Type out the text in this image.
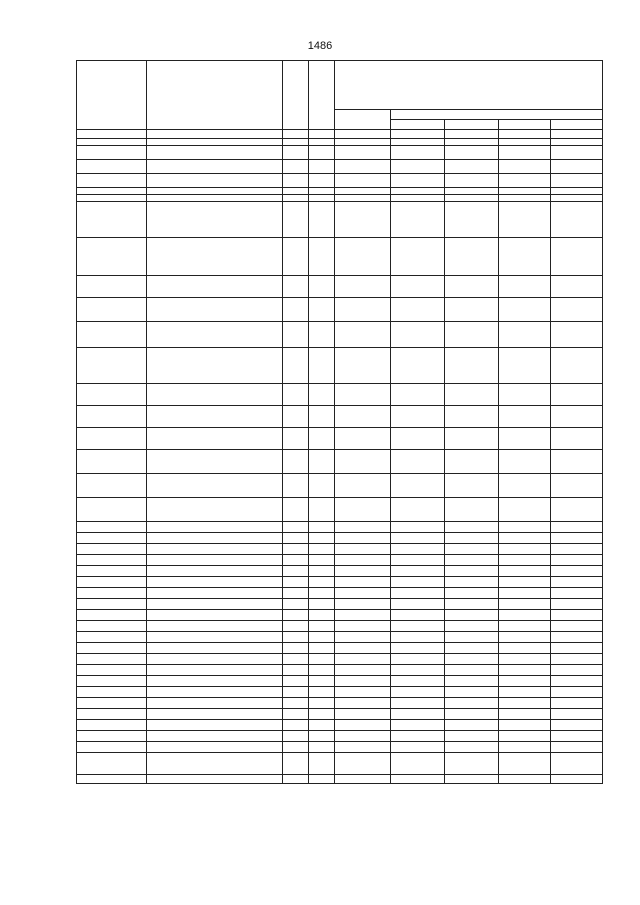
1486
